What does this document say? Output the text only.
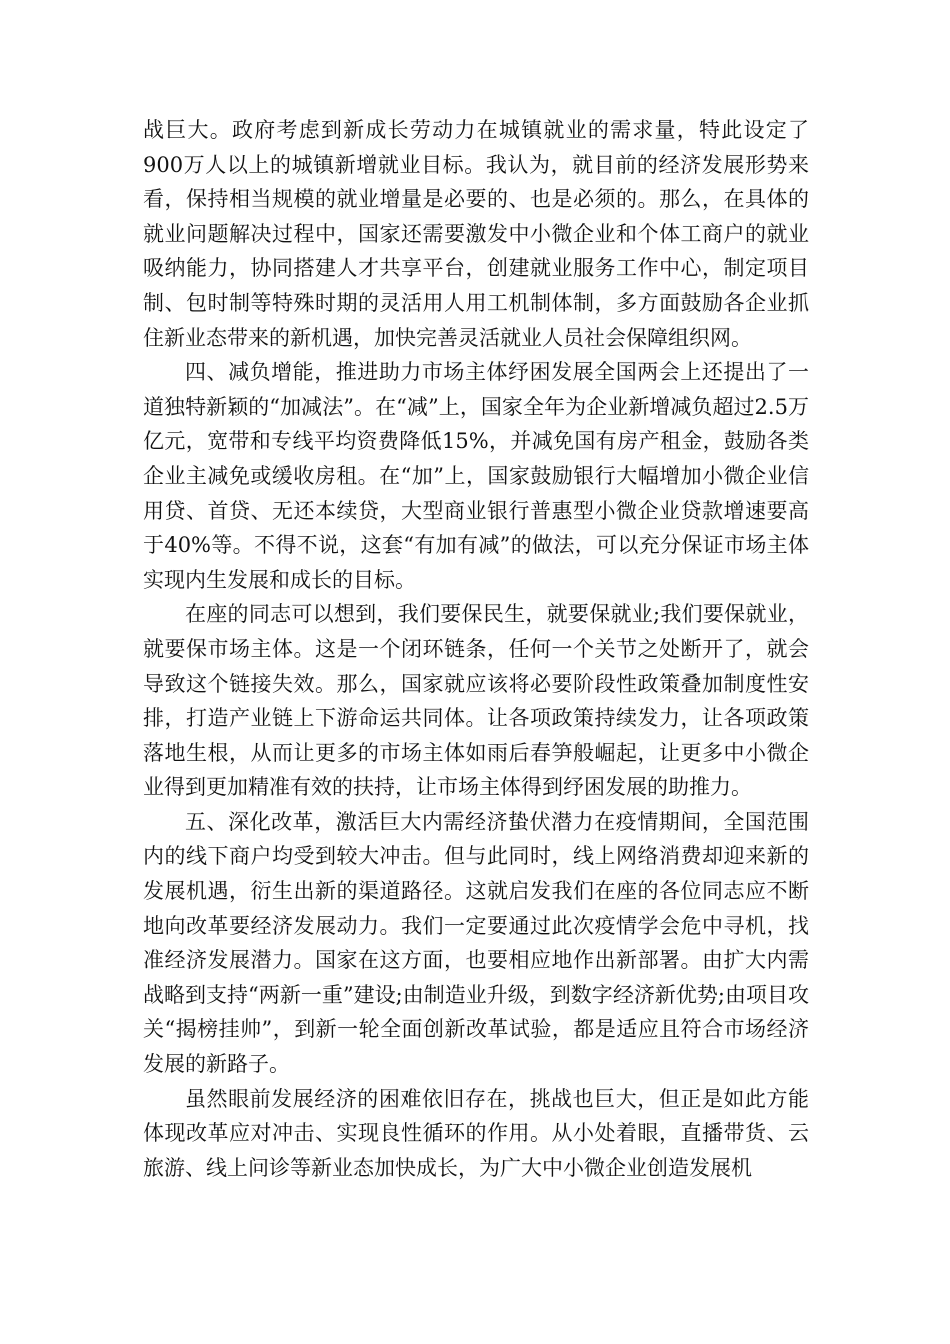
战巨大。政府考虑到新成长劳动力在城镇就业的需求量，特此设定了900万人以上的城镇新增就业目标。我认为，就目前的经济发展形势来看，保持相当规模的就业增量是必要的、也是必须的。那么，在具体的就业问题解决过程中，国家还需要激发中小微企业和个体工商户的就业吸纳能力，协同搭建人才共享平台，创建就业服务工作中心，制定项目制、包时制等特殊时期的灵活用人用工机制体制，多方面鼓励各企业抓住新业态带来的新机遇，加快完善灵活就业人员社会保障组织网。

四、减负增能，推进助力市场主体纾困发展全国两会上还提出了一道独特新颖的“加减法”。在“减”上，国家全年为企业新增减负超过2.5万亿元，宽带和专线平均资费降低15%，并减免国有房产租金，鼓励各类企业主减免或缓收房租。在“加”上，国家鼓励银行大幅增加小微企业信用贷、首贷、无还本续贷，大型商业银行普惠型小微企业贷款增速要高于40%等。不得不说，这套“有加有减”的做法，可以充分保证市场主体实现内生发展和成长的目标。

在座的同志可以想到，我们要保民生，就要保就业;我们要保就业，就要保市场主体。这是一个闭环链条，任何一个关节之处断开了，就会导致这个链接失效。那么，国家就应该将必要阶段性政策叠加制度性安排，打造产业链上下游命运共同体。让各项政策持续发力，让各项政策落地生根，从而让更多的市场主体如雨后春笋般崛起，让更多中小微企业得到更加精准有效的扶持，让市场主体得到纾困发展的助推力。

五、深化改革，激活巨大内需经济蛰伏潜力在疫情期间，全国范围内的线下商户均受到较大冲击。但与此同时，线上网络消费却迎来新的发展机遇，衍生出新的渠道路径。这就启发我们在座的各位同志应不断地向改革要经济发展动力。我们一定要通过此次疫情学会危中寻机，找准经济发展潜力。国家在这方面，也要相应地作出新部署。由扩大内需战略到支持“两新一重”建设;由制造业升级，到数字经济新优势;由项目攻关“揭榜挂帅”，到新一轮全面创新改革试验，都是适应且符合市场经济发展的新路子。

虽然眼前发展经济的困难依旧存在，挑战也巨大，但正是如此方能体现改革应对冲击、实现良性循环的作用。从小处着眼，直播带货、云旅游、线上问诊等新业态加快成长，为广大中小微企业创造发展机
